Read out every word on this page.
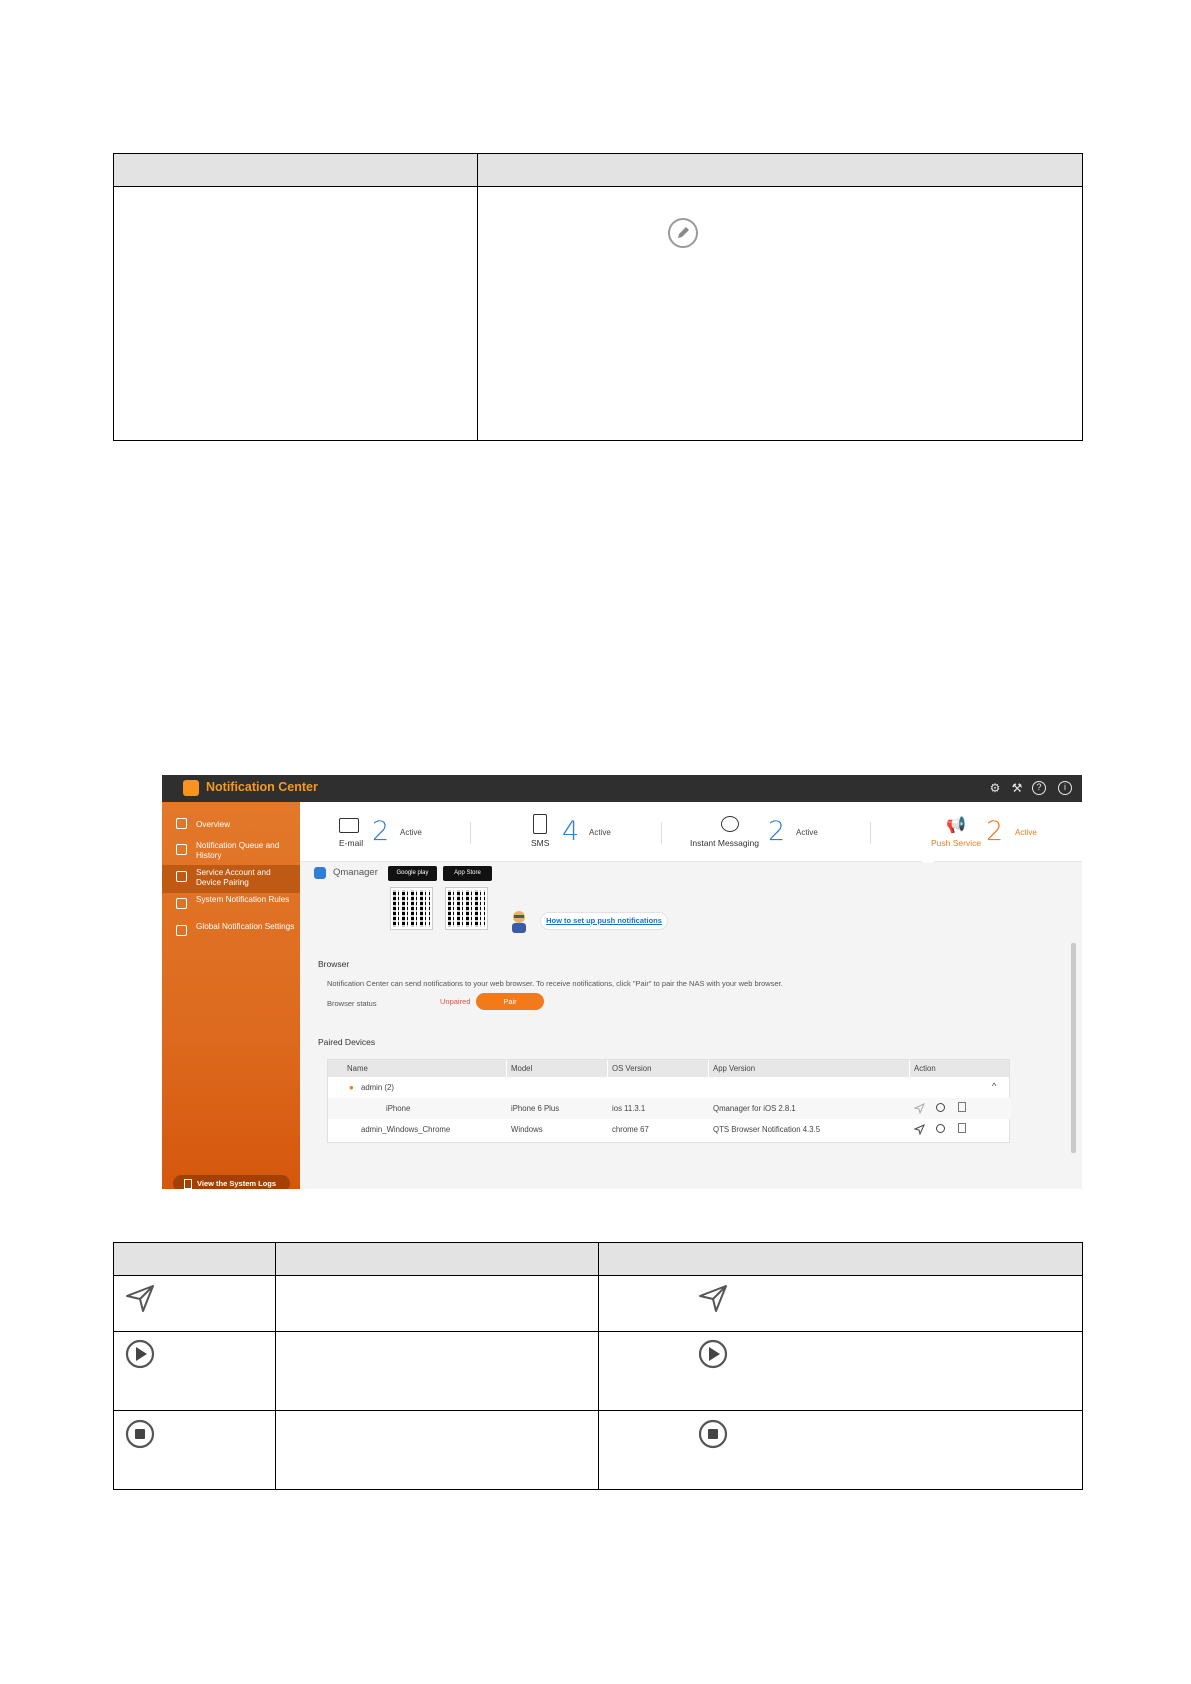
Notification Center	⚙ ⚒	?	i
Overview
Notification Queue and History
Service Account and Device Pairing
System Notification Rules
Global Notification Settings
View the System Logs
E-mail 2 Active
SMS 4 Active
Instant Messaging 2 Active	📢
Push Service 2 Active
Qmanager	Google play	App Store
How to set up push notifications
Browser
Notification Center can send notifications to your web browser. To receive notifications, click "Pair" to pair the NAS with your web browser.
Browser status	Unpaired	Pair
Paired Devices
Name	Model	OS Version	App Version	Action
● admin (2)	^
iPhone	iPhone 6 Plus	ios 11.3.1	Qmanager for iOS 2.8.1
admin_Windows_Chrome	Windows	chrome 67	QTS Browser Notification 4.3.5
